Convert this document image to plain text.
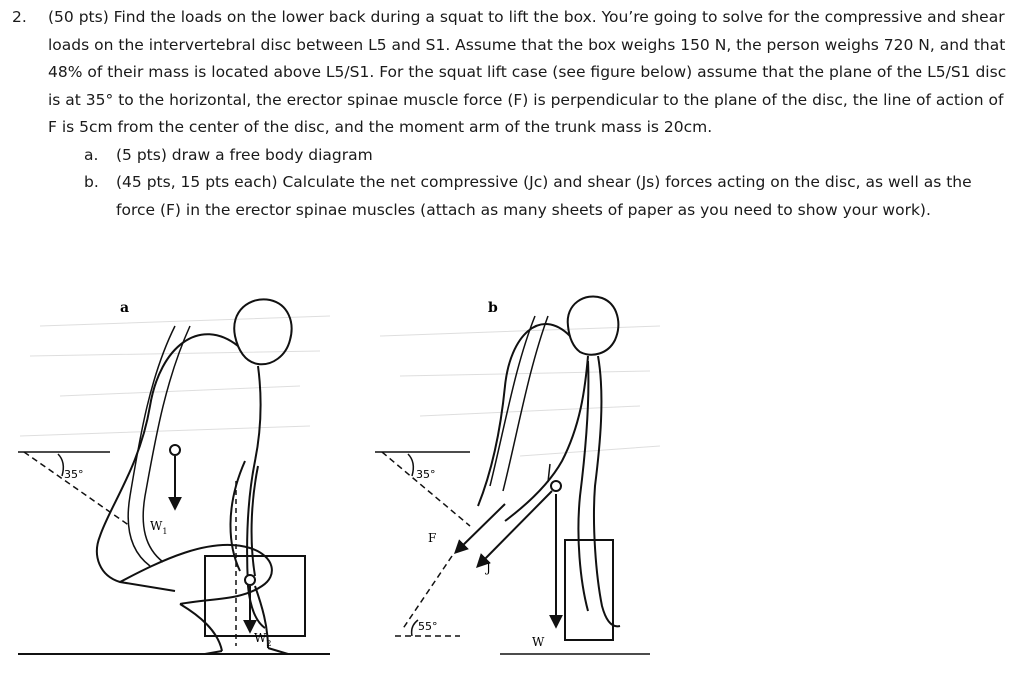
2.	(50 pts) Find the loads on the lower back during a squat to lift the box. You’re going to solve for the compressive and shear loads on the intervertebral disc between L5 and S1. Assume that the box weighs 150 N, the person weighs 720 N, and that 48% of their mass is located above L5/S1. For the squat lift case (see figure below) assume that the plane of the L5/S1 disc is at 35° to the horizontal, the erector spinae muscle force (F) is perpendicular to the plane of the disc, the line of action of F is 5cm from the center of the disc, and the moment arm of the trunk mass is 20cm.
a.	(5 pts) draw a free body diagram
b.	(45 pts, 15 pts each) Calculate the net compressive (Jc) and shear (Js) forces acting on the disc, as well as the force (F) in the erector spinae muscles (attach as many sheets of paper as you need to show your work).
a
35°
$W_1$
$W_2$
b
35°
J
F
55°
W
